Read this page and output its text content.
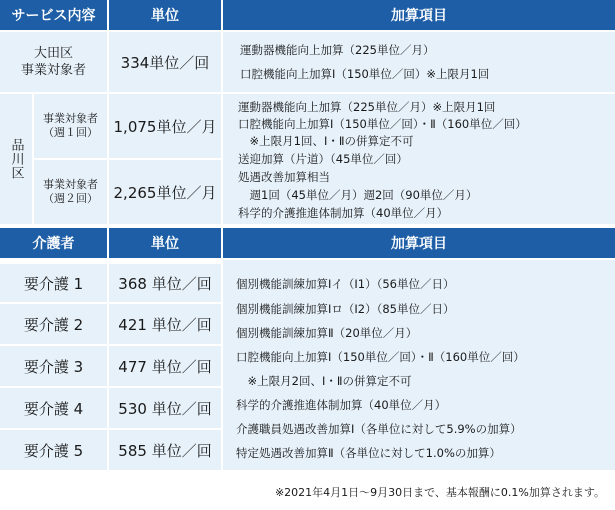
サービス内容	単位	加算項目
大田区
事業対象者	334単位／回
運動器機能向上加算（225単位／月）
口腔機能向上加算Ⅰ（150単位／回）※上限月1回
品川区
事業対象者
（週１回）	1,075単位／月
事業対象者
（週２回）	2,265単位／月
運動器機能向上加算（225単位／月）※上限月1回
口腔機能向上加算Ⅰ（150単位／回）・Ⅱ（160単位／回）
　※上限月1回、Ⅰ・Ⅱの併算定不可
送迎加算（片道）（45単位／回）
処遇改善加算相当
　週1回（45単位／月）週2回（90単位／月）
科学的介護推進体制加算（40単位／月）
介護者	単位	加算項目
要介護 1	368 単位／回
要介護 2	421 単位／回
要介護 3	477 単位／回
要介護 4	530 単位／回
要介護 5	585 単位／回
個別機能訓練加算Ⅰイ（Ⅰ1）（56単位／日）
個別機能訓練加算Ⅰロ（Ⅰ2）（85単位／日）
個別機能訓練加算Ⅱ（20単位／月）
口腔機能向上加算Ⅰ（150単位／回）・Ⅱ（160単位／回）
　※上限月2回、Ⅰ・Ⅱの併算定不可
科学的介護推進体制加算（40単位／月）
介護職員処遇改善加算Ⅰ（各単位に対して5.9%の加算）
特定処遇改善加算Ⅱ（各単位に対して1.0%の加算）
※2021年4月1日～9月30日まで、基本報酬に0.1%加算されます。
